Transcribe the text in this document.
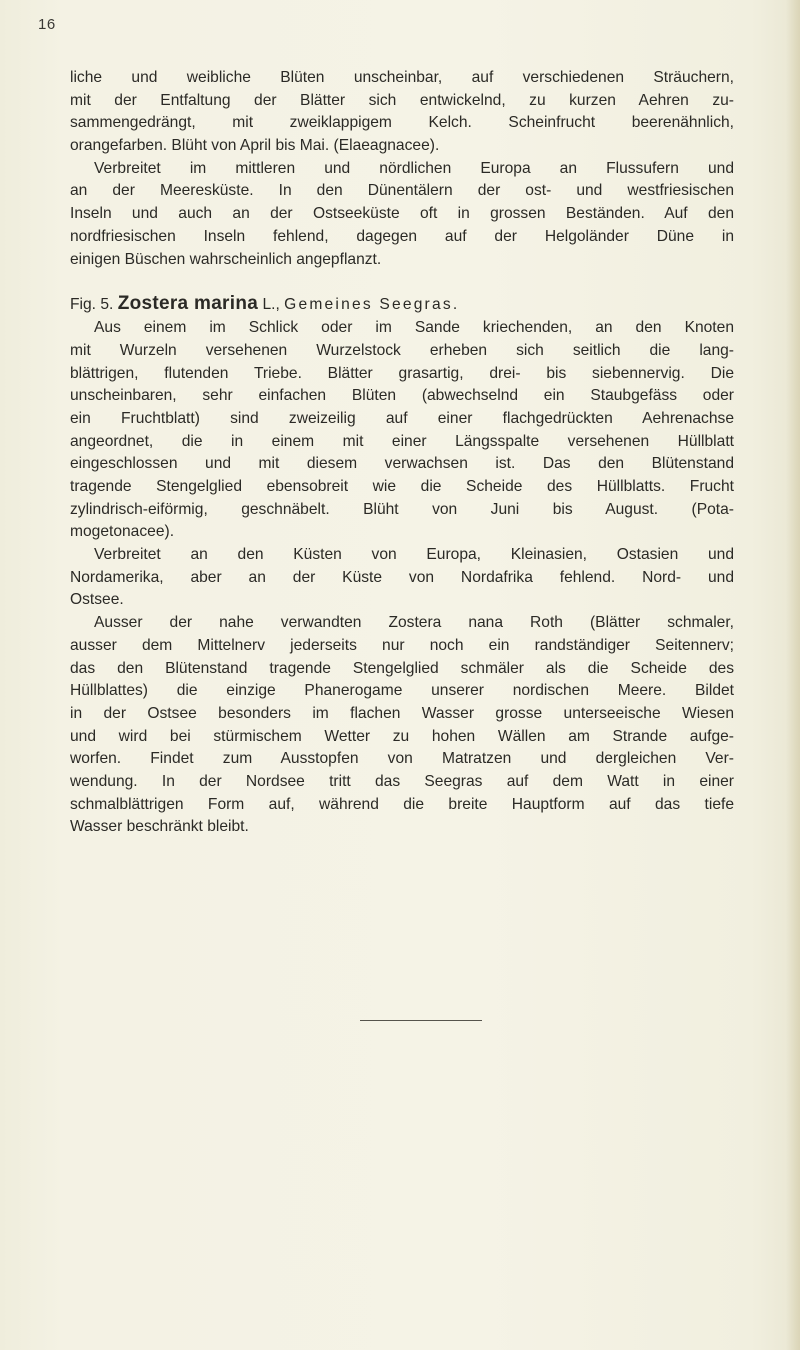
16
liche und weibliche Blüten unscheinbar, auf verschiedenen Sträuchern,
mit der Entfaltung der Blätter sich entwickelnd, zu kurzen Aehren zu-
sammengedrängt, mit zweiklappigem Kelch. Scheinfrucht beerenähnlich,
orangefarben. Blüht von April bis Mai. (Elaeagnacee).
Verbreitet im mittleren und nördlichen Europa an Flussufern und
an der Meeresküste. In den Dünentälern der ost- und westfriesischen
Inseln und auch an der Ostseeküste oft in grossen Beständen. Auf den
nordfriesischen Inseln fehlend, dagegen auf der Helgoländer Düne in
einigen Büschen wahrscheinlich angepflanzt.
Fig. 5. Zostera marina L., Gemeines Seegras.
Aus einem im Schlick oder im Sande kriechenden, an den Knoten
mit Wurzeln versehenen Wurzelstock erheben sich seitlich die lang-
blättrigen, flutenden Triebe. Blätter grasartig, drei- bis siebennervig. Die
unscheinbaren, sehr einfachen Blüten (abwechselnd ein Staubgefäss oder
ein Fruchtblatt) sind zweizeilig auf einer flachgedrückten Aehrenachse
angeordnet, die in einem mit einer Längsspalte versehenen Hüllblatt
eingeschlossen und mit diesem verwachsen ist. Das den Blütenstand
tragende Stengelglied ebensobreit wie die Scheide des Hüllblatts. Frucht
zylindrisch-eiförmig, geschnäbelt. Blüht von Juni bis August. (Pota-
mogetonacee).
Verbreitet an den Küsten von Europa, Kleinasien, Ostasien und
Nordamerika, aber an der Küste von Nordafrika fehlend. Nord- und
Ostsee.
Ausser der nahe verwandten Zostera nana Roth (Blätter schmaler,
ausser dem Mittelnerv jederseits nur noch ein randständiger Seitennerv;
das den Blütenstand tragende Stengelglied schmäler als die Scheide des
Hüllblattes) die einzige Phanerogame unserer nordischen Meere. Bildet
in der Ostsee besonders im flachen Wasser grosse unterseeische Wiesen
und wird bei stürmischem Wetter zu hohen Wällen am Strande aufge-
worfen. Findet zum Ausstopfen von Matratzen und dergleichen Ver-
wendung. In der Nordsee tritt das Seegras auf dem Watt in einer
schmalblättrigen Form auf, während die breite Hauptform auf das tiefe
Wasser beschränkt bleibt.
